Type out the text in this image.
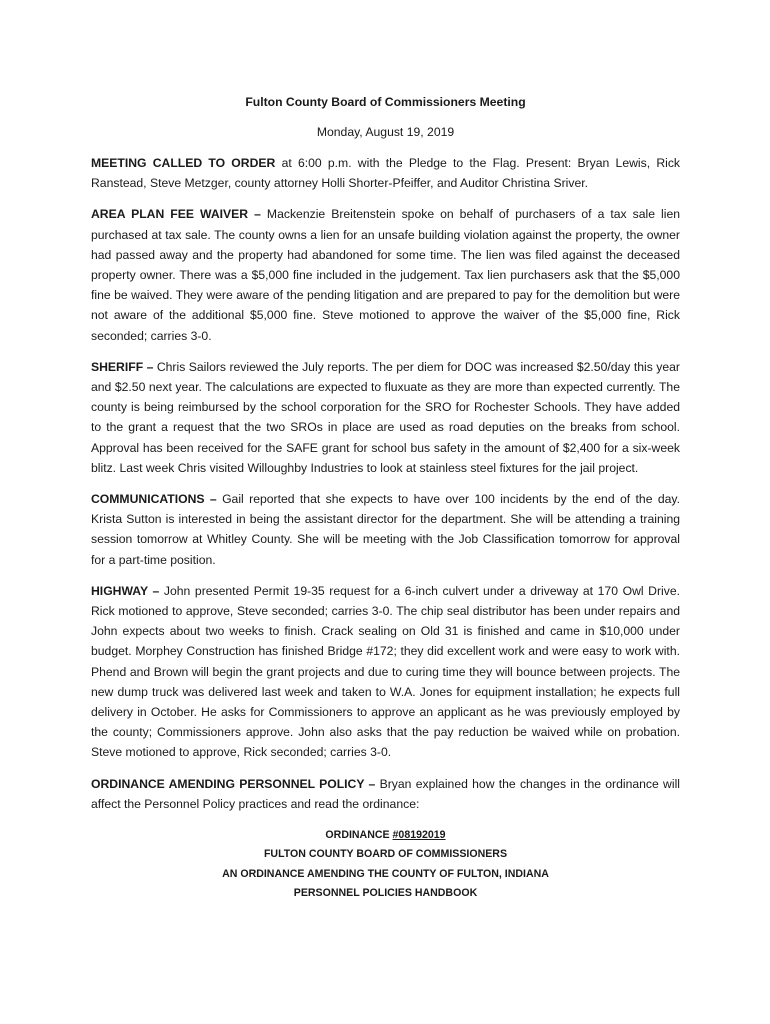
Fulton County Board of Commissioners Meeting

Monday, August 19, 2019

MEETING CALLED TO ORDER at 6:00 p.m. with the Pledge to the Flag. Present: Bryan Lewis, Rick Ranstead, Steve Metzger, county attorney Holli Shorter-Pfeiffer, and Auditor Christina Sriver.

AREA PLAN FEE WAIVER – Mackenzie Breitenstein spoke on behalf of purchasers of a tax sale lien purchased at tax sale. The county owns a lien for an unsafe building violation against the property, the owner had passed away and the property had abandoned for some time. The lien was filed against the deceased property owner. There was a $5,000 fine included in the judgement. Tax lien purchasers ask that the $5,000 fine be waived. They were aware of the pending litigation and are prepared to pay for the demolition but were not aware of the additional $5,000 fine. Steve motioned to approve the waiver of the $5,000 fine, Rick seconded; carries 3-0.

SHERIFF – Chris Sailors reviewed the July reports. The per diem for DOC was increased $2.50/day this year and $2.50 next year. The calculations are expected to fluxuate as they are more than expected currently. The county is being reimbursed by the school corporation for the SRO for Rochester Schools. They have added to the grant a request that the two SROs in place are used as road deputies on the breaks from school. Approval has been received for the SAFE grant for school bus safety in the amount of $2,400 for a six-week blitz. Last week Chris visited Willoughby Industries to look at stainless steel fixtures for the jail project.

COMMUNICATIONS – Gail reported that she expects to have over 100 incidents by the end of the day. Krista Sutton is interested in being the assistant director for the department. She will be attending a training session tomorrow at Whitley County. She will be meeting with the Job Classification tomorrow for approval for a part-time position.

HIGHWAY – John presented Permit 19-35 request for a 6-inch culvert under a driveway at 170 Owl Drive. Rick motioned to approve, Steve seconded; carries 3-0. The chip seal distributor has been under repairs and John expects about two weeks to finish. Crack sealing on Old 31 is finished and came in $10,000 under budget. Morphey Construction has finished Bridge #172; they did excellent work and were easy to work with. Phend and Brown will begin the grant projects and due to curing time they will bounce between projects. The new dump truck was delivered last week and taken to W.A. Jones for equipment installation; he expects full delivery in October. He asks for Commissioners to approve an applicant as he was previously employed by the county; Commissioners approve. John also asks that the pay reduction be waived while on probation. Steve motioned to approve, Rick seconded; carries 3-0.

ORDINANCE AMENDING PERSONNEL POLICY – Bryan explained how the changes in the ordinance will affect the Personnel Policy practices and read the ordinance:

ORDINANCE #08192019
FULTON COUNTY BOARD OF COMMISSIONERS
AN ORDINANCE AMENDING THE COUNTY OF FULTON, INDIANA
PERSONNEL POLICIES HANDBOOK
